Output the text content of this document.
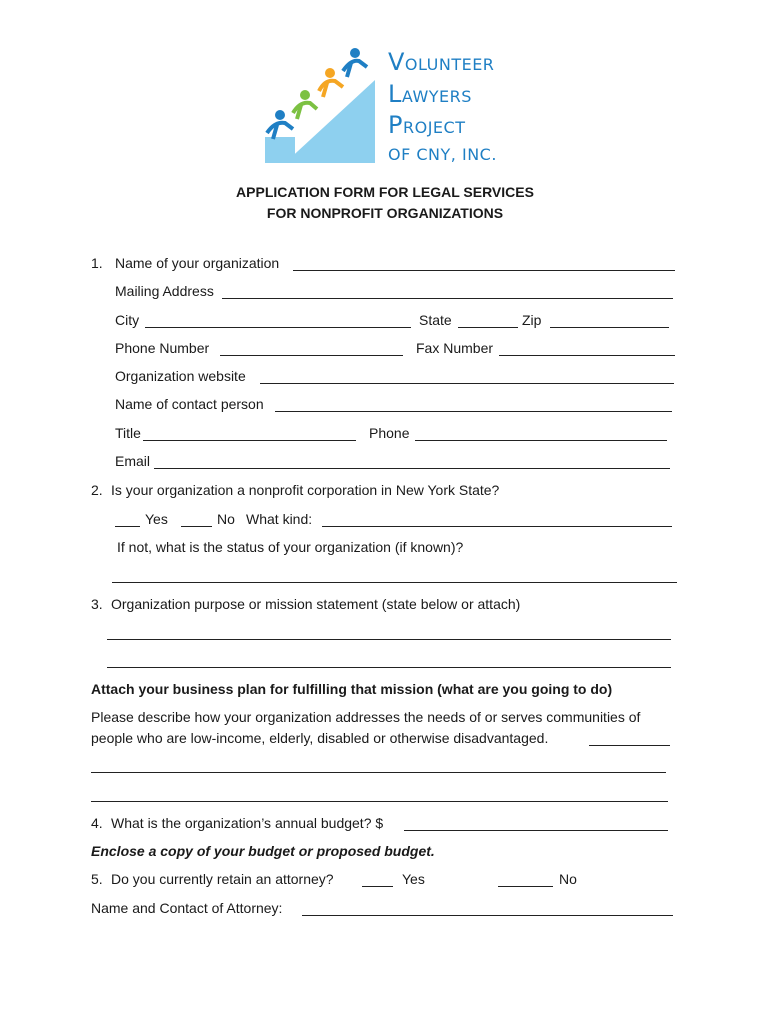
VOLUNTEER
LAWYERS
PROJECT
OF CNY, INC.
APPLICATION FORM FOR LEGAL SERVICES
FOR NONPROFIT ORGANIZATIONS
1. Name of your organization
Mailing Address
City	State	Zip
Phone Number	Fax Number
Organization website
Name of contact person
Title	Phone
Email
2. Is your organization a nonprofit corporation in New York State?
Yes	No What kind:
If not, what is the status of your organization (if known)?
3. Organization purpose or mission statement (state below or attach)
Attach your business plan for fulfilling that mission (what are you going to do)
Please describe how your organization addresses the needs of or serves communities of
people who are low-income, elderly, disabled or otherwise disadvantaged.
4. What is the organization’s annual budget? $
Enclose a copy of your budget or proposed budget.
5. Do you currently retain an attorney?	Yes	No
Name and Contact of Attorney:
